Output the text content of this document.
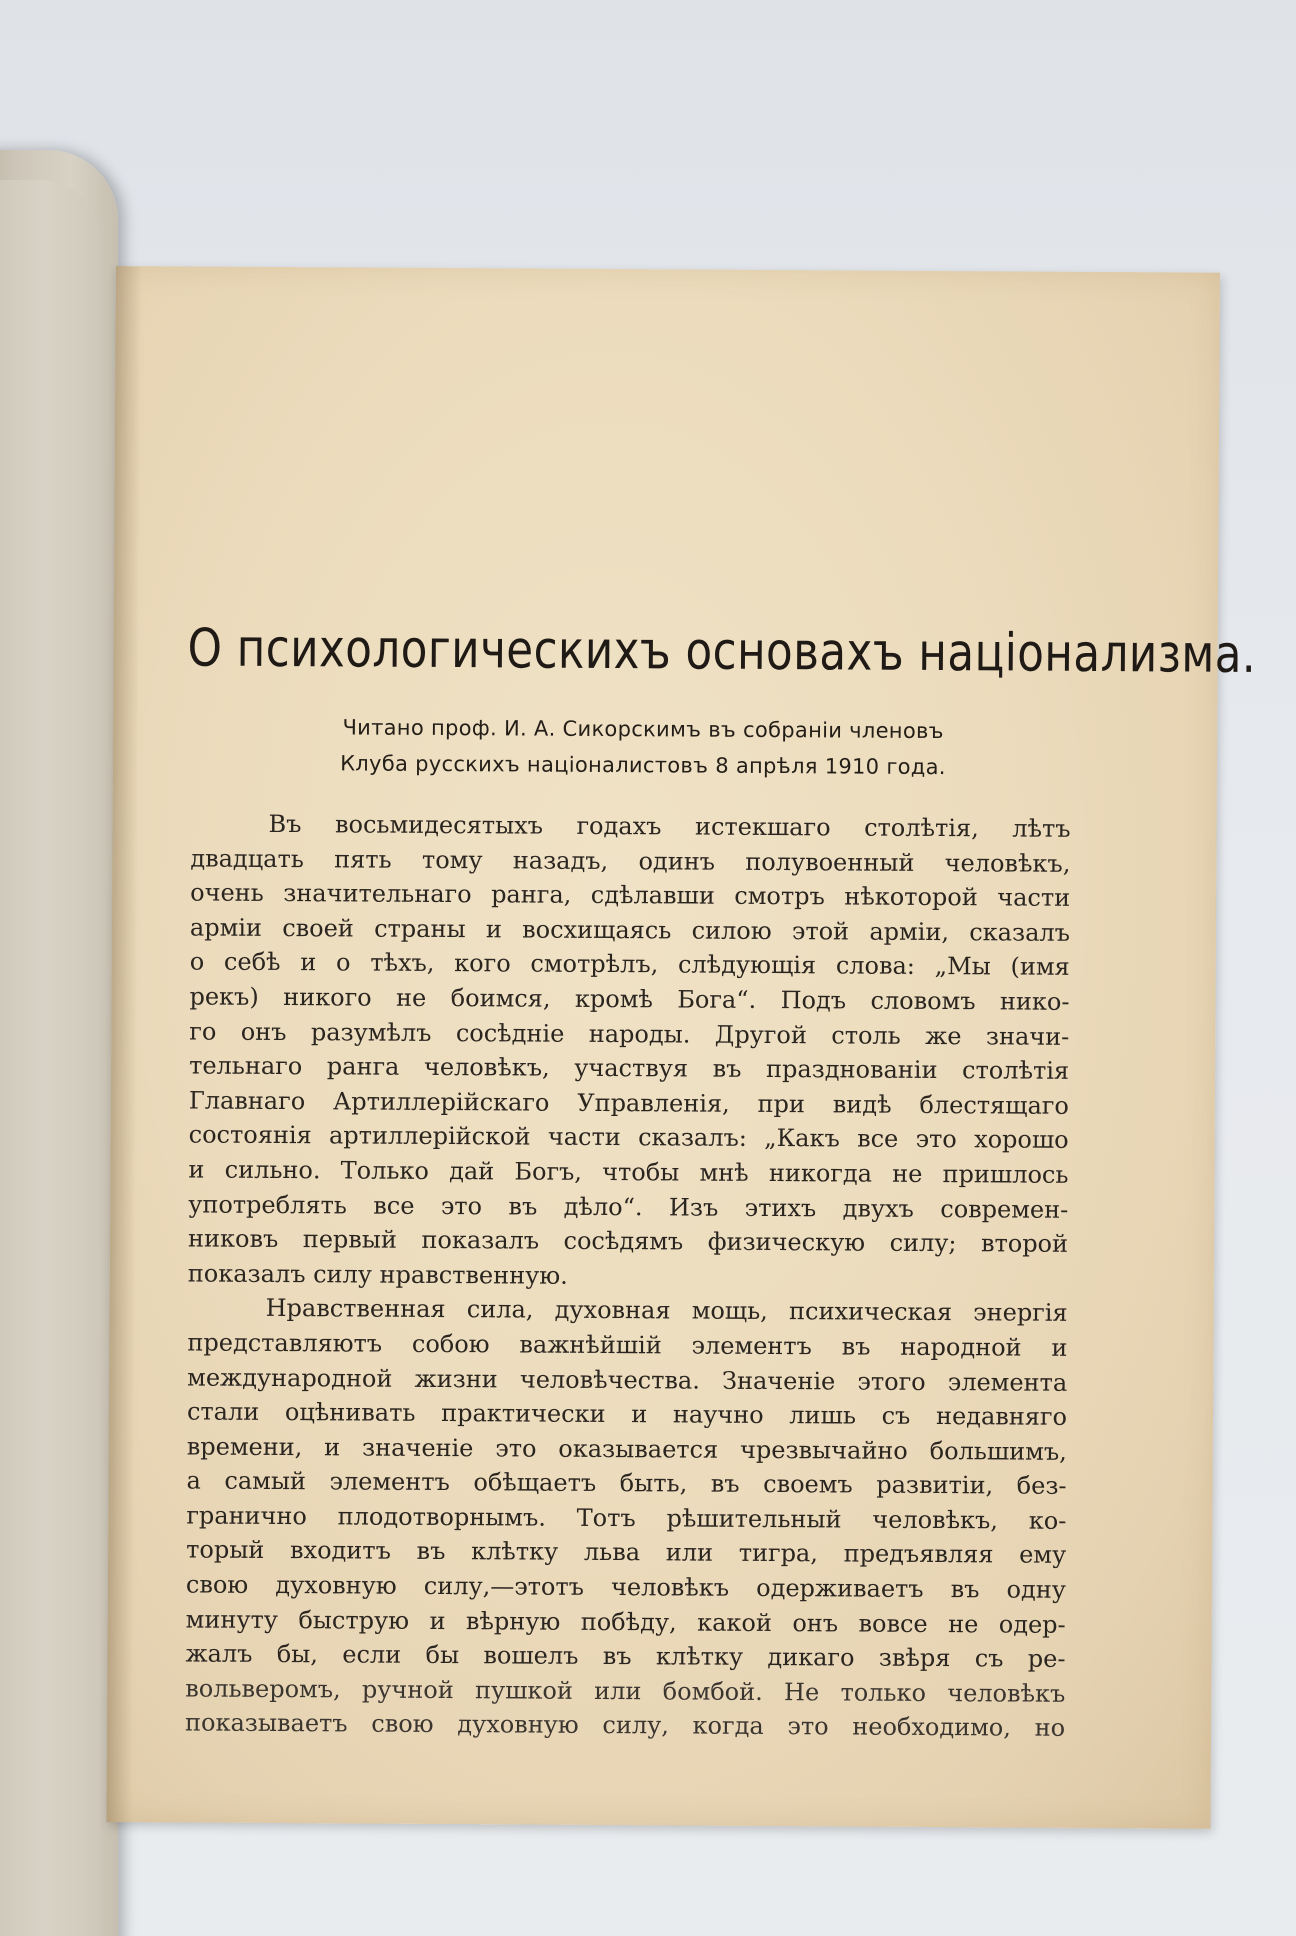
О психологическихъ основахъ націонализма.
Читано проф. И. А. Сикорскимъ въ собраніи членовъ
Клуба русскихъ націоналистовъ 8 апрѣля 1910 года.
Въ восьмидесятыхъ годахъ истекшаго столѣтія, лѣтъ
двадцать пять тому назадъ, одинъ полувоенный человѣкъ,
очень значительнаго ранга, сдѣлавши смотръ нѣкоторой части
арміи своей страны и восхищаясь силою этой арміи, сказалъ
о себѣ и о тѣхъ, кого смотрѣлъ, слѣдующія слова: „Мы (имя
рекъ) никого не боимся, кромѣ Бога“. Подъ словомъ нико-
го онъ разумѣлъ сосѣдніе народы. Другой столь же значи-
тельнаго ранга человѣкъ, участвуя въ празднованіи столѣтія
Главнаго Артиллерійскаго Управленія, при видѣ блестящаго
состоянія артиллерійской части сказалъ: „Какъ все это хорошо
и сильно. Только дай Богъ, чтобы мнѣ никогда не пришлось
употреблять все это въ дѣло“. Изъ этихъ двухъ современ-
никовъ первый показалъ сосѣдямъ физическую силу; второй
показалъ силу нравственную.
Нравственная сила, духовная мощь, психическая энергія
представляютъ собою важнѣйшій элементъ въ народной и
международной жизни человѣчества. Значеніе этого элемента
стали оцѣнивать практически и научно лишь съ недавняго
времени, и значеніе это оказывается чрезвычайно большимъ,
а самый элементъ обѣщаетъ быть, въ своемъ развитіи, без-
гранично плодотворнымъ. Тотъ рѣшительный человѣкъ, ко-
торый входитъ въ клѣтку льва или тигра, предъявляя ему
свою духовную силу,—этотъ человѣкъ одерживаетъ въ одну
минуту быструю и вѣрную побѣду, какой онъ вовсе не одер-
жалъ бы, если бы вошелъ въ клѣтку дикаго звѣря съ ре-
вольверомъ, ручной пушкой или бомбой. Не только человѣкъ
показываетъ свою духовную силу, когда это необходимо, но
